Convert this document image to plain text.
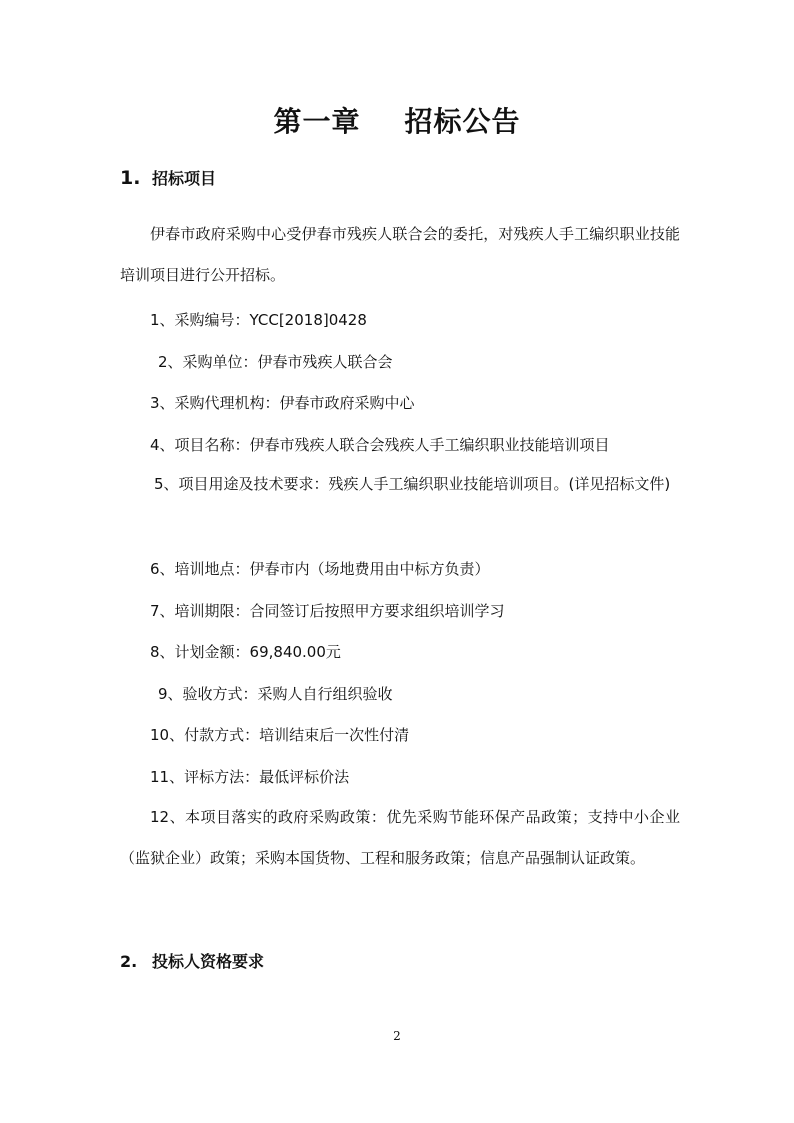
第一章 招标公告
1. 招标项目
伊春市政府采购中心受伊春市残疾人联合会的委托，对残疾人手工编织职业技能培训项目进行公开招标。
1、采购编号：YCC[2018]0428
2、采购单位：伊春市残疾人联合会
3、采购代理机构：伊春市政府采购中心
4、项目名称：伊春市残疾人联合会残疾人手工编织职业技能培训项目
5、项目用途及技术要求：残疾人手工编织职业技能培训项目。(详见招标文件)
6、培训地点：伊春市内（场地费用由中标方负责）
7、培训期限：合同签订后按照甲方要求组织培训学习
8、计划金额：69,840.00元
9、验收方式：采购人自行组织验收
10、付款方式：培训结束后一次性付清
11、评标方法：最低评标价法
12、本项目落实的政府采购政策：优先采购节能环保产品政策；支持中小企业（监狱企业）政策；采购本国货物、工程和服务政策；信息产品强制认证政策。
2. 投标人资格要求
2
